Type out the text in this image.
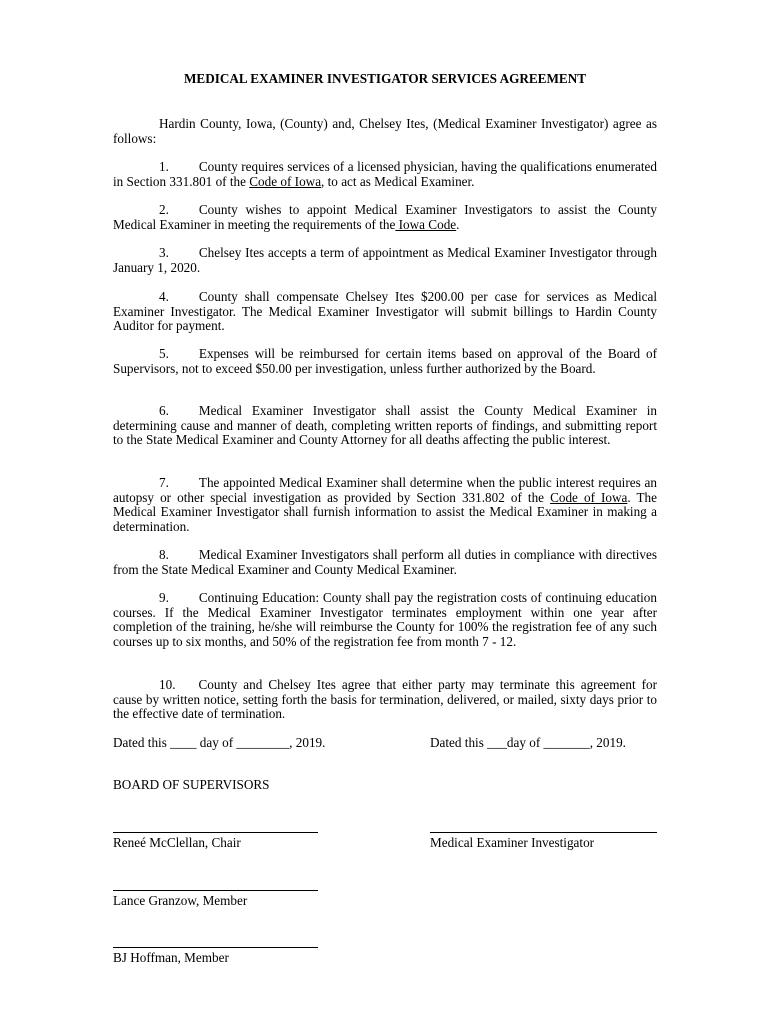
MEDICAL EXAMINER INVESTIGATOR SERVICES AGREEMENT

Hardin County, Iowa, (County) and, Chelsey Ites, (Medical Examiner Investigator) agree as follows:

1. County requires services of a licensed physician, having the qualifications enumerated in Section 331.801 of the Code of Iowa, to act as Medical Examiner.

2. County wishes to appoint Medical Examiner Investigators to assist the County Medical Examiner in meeting the requirements of the Iowa Code.

3. Chelsey Ites accepts a term of appointment as Medical Examiner Investigator through January 1, 2020.

4. County shall compensate Chelsey Ites $200.00 per case for services as Medical Examiner Investigator. The Medical Examiner Investigator will submit billings to Hardin County Auditor for payment.

5. Expenses will be reimbursed for certain items based on approval of the Board of Supervisors, not to exceed $50.00 per investigation, unless further authorized by the Board.

6. Medical Examiner Investigator shall assist the County Medical Examiner in determining cause and manner of death, completing written reports of findings, and submitting report to the State Medical Examiner and County Attorney for all deaths affecting the public interest.

7. The appointed Medical Examiner shall determine when the public interest requires an autopsy or other special investigation as provided by Section 331.802 of the Code of Iowa. The Medical Examiner Investigator shall furnish information to assist the Medical Examiner in making a determination.

8. Medical Examiner Investigators shall perform all duties in compliance with directives from the State Medical Examiner and County Medical Examiner.

9. Continuing Education: County shall pay the registration costs of continuing education courses. If the Medical Examiner Investigator terminates employment within one year after completion of the training, he/she will reimburse the County for 100% the registration fee of any such courses up to six months, and 50% of the registration fee from month 7 - 12.

10. County and Chelsey Ites agree that either party may terminate this agreement for cause by written notice, setting forth the basis for termination, delivered, or mailed, sixty days prior to the effective date of termination.

Dated this ____ day of ________, 2019.	Dated this ___day of _______, 2019.

BOARD OF SUPERVISORS

Reneé McClellan, Chair	Medical Examiner Investigator

Lance Granzow, Member

BJ Hoffman, Member
